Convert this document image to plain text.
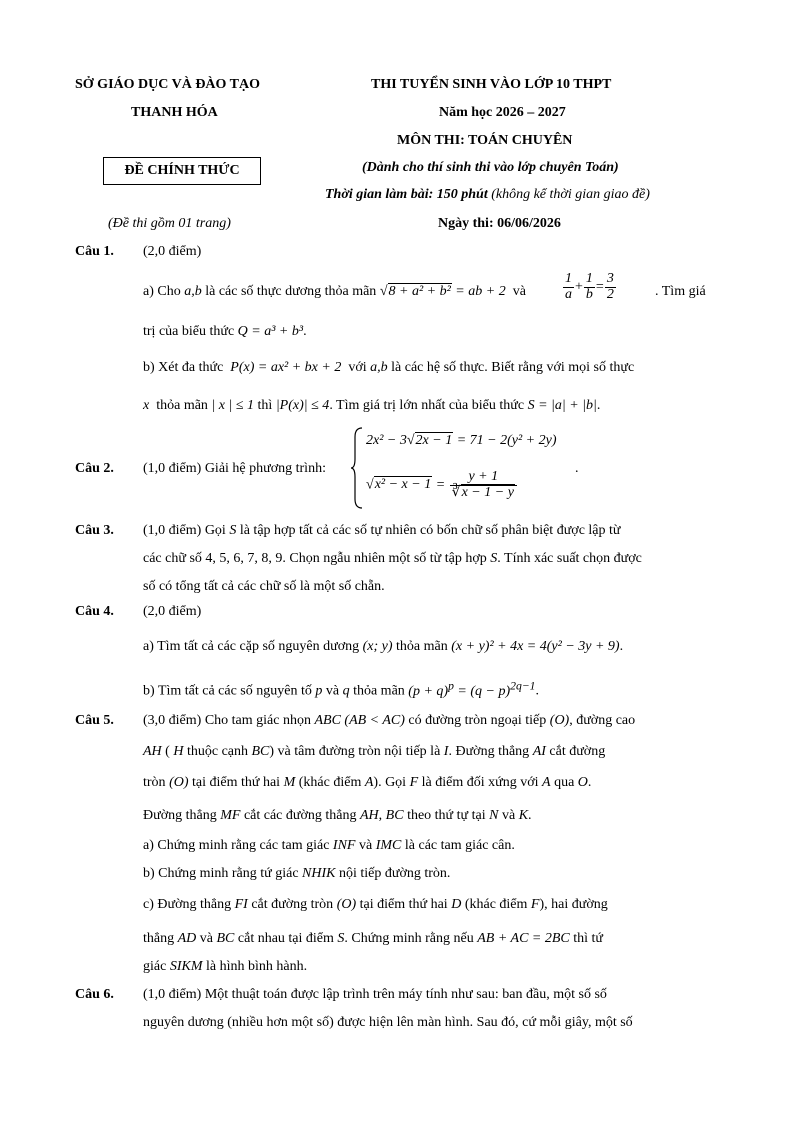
SỞ GIÁO DỤC VÀ ĐÀO TẠO
THANH HÓA
ĐỀ CHÍNH THỨC
(Đề thi gồm 01 trang)
THI TUYỂN SINH VÀO LỚP 10 THPT
Năm học 2026 – 2027
MÔN THI: TOÁN CHUYÊN
(Dành cho thí sinh thi vào lớp chuyên Toán)
Thời gian làm bài: 150 phút (không kể thời gian giao đề)
Ngày thi: 06/06/2026
Câu 1. (2,0 điểm)
a) Cho a,b là các số thực dương thỏa mãn √8 + a² + b² = ab + 2 và	$\frac{1}{a} + \frac{1}{b} = \frac{3}{2}$	. Tìm giá
trị của biểu thức Q = a³ + b³.
b) Xét đa thức P(x) = ax² + bx + 2 với a,b là các hệ số thực. Biết rằng với mọi số thực
x thỏa mãn | x | ≤ 1 thì |P(x)| ≤ 4. Tìm giá trị lớn nhất của biểu thức S = |a| + |b|.
Câu 2. (1,0 điểm) Giải hệ phương trình:
2x² − 3√2x − 1 = 71 − 2(y² + 2y)
$√x^2 - x - 1 = \frac{y + 1}{∛x - 1 - y}$
.
Câu 3. (1,0 điểm) Gọi S là tập hợp tất cả các số tự nhiên có bốn chữ số phân biệt được lập từ
các chữ số 4, 5, 6, 7, 8, 9. Chọn ngẫu nhiên một số từ tập hợp S. Tính xác suất chọn được
số có tổng tất cả các chữ số là một số chẵn.
Câu 4. (2,0 điểm)
a) Tìm tất cả các cặp số nguyên dương (x; y) thỏa mãn (x + y)² + 4x = 4(y² − 3y + 9).
b) Tìm tất cả các số nguyên tố p và q thỏa mãn $(p + q)^p = (q - p)^{2q-1}$.
Câu 5. (3,0 điểm) Cho tam giác nhọn ABC (AB < AC) có đường tròn ngoại tiếp (O), đường cao
AH ( H thuộc cạnh BC) và tâm đường tròn nội tiếp là I. Đường thẳng AI cắt đường
tròn (O) tại điểm thứ hai M (khác điểm A). Gọi F là điểm đối xứng với A qua O.
Đường thẳng MF cắt các đường thẳng AH, BC theo thứ tự tại N và K.
a) Chứng minh rằng các tam giác INF và IMC là các tam giác cân.
b) Chứng minh rằng tứ giác NHIK nội tiếp đường tròn.
c) Đường thẳng FI cắt đường tròn (O) tại điểm thứ hai D (khác điểm F), hai đường
thẳng AD và BC cắt nhau tại điểm S. Chứng minh rằng nếu AB + AC = 2BC thì tứ
giác SIKM là hình bình hành.
Câu 6. (1,0 điểm) Một thuật toán được lập trình trên máy tính như sau: ban đầu, một số số
nguyên dương (nhiều hơn một số) được hiện lên màn hình. Sau đó, cứ mỗi giây, một số
